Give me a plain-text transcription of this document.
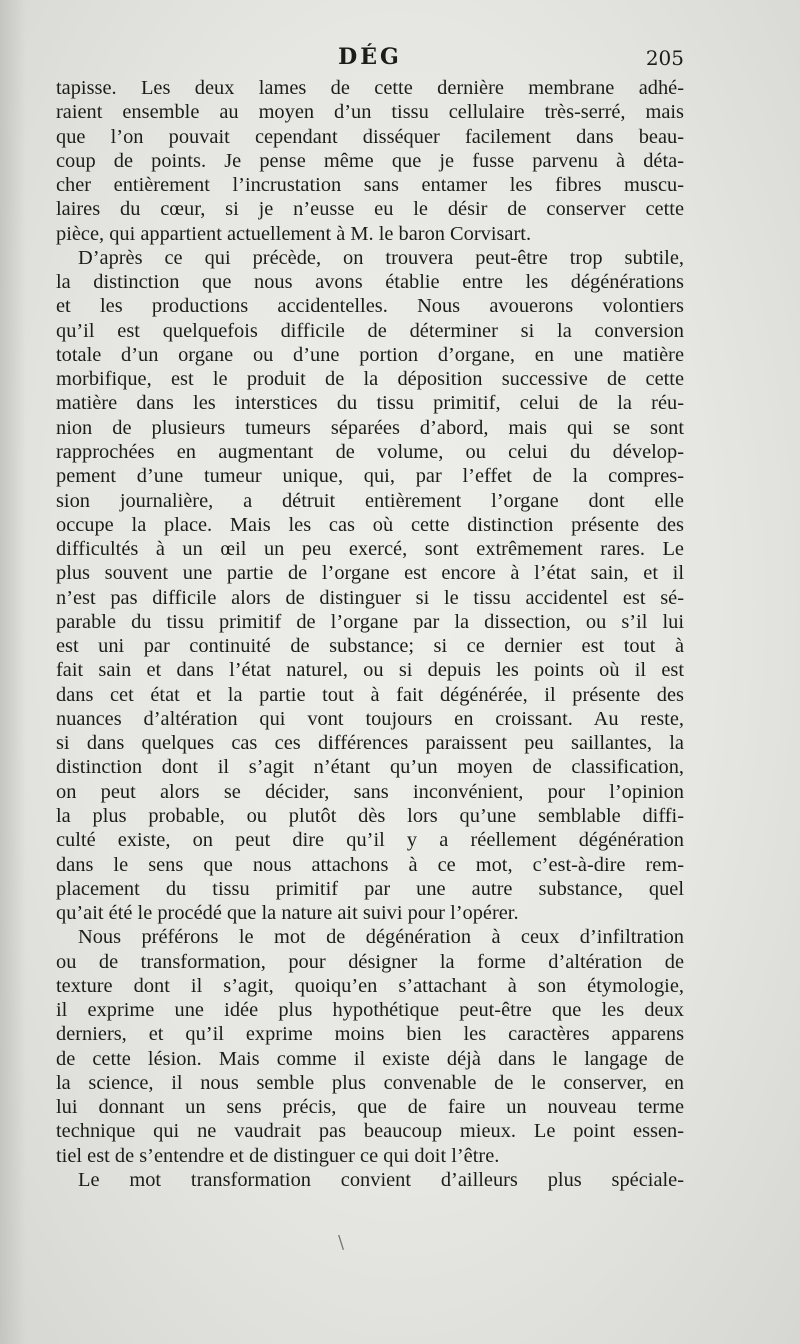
DÉG	205
tapisse. Les deux lames de cette dernière membrane adhé-
raient ensemble au moyen d’un tissu cellulaire très-serré, mais
que l’on pouvait cependant disséquer facilement dans beau-
coup de points. Je pense même que je fusse parvenu à déta-
cher entièrement l’incrustation sans entamer les fibres muscu-
laires du cœur, si je n’eusse eu le désir de conserver cette
pièce, qui appartient actuellement à M. le baron Corvisart.
D’après ce qui précède, on trouvera peut-être trop subtile,
la distinction que nous avons établie entre les dégénérations
et les productions accidentelles. Nous avouerons volontiers
qu’il est quelquefois difficile de déterminer si la conversion
totale d’un organe ou d’une portion d’organe, en une matière
morbifique, est le produit de la déposition successive de cette
matière dans les interstices du tissu primitif, celui de la réu-
nion de plusieurs tumeurs séparées d’abord, mais qui se sont
rapprochées en augmentant de volume, ou celui du dévelop-
pement d’une tumeur unique, qui, par l’effet de la compres-
sion journalière, a détruit entièrement l’organe dont elle
occupe la place. Mais les cas où cette distinction présente des
difficultés à un œil un peu exercé, sont extrêmement rares. Le
plus souvent une partie de l’organe est encore à l’état sain, et il
n’est pas difficile alors de distinguer si le tissu accidentel est sé-
parable du tissu primitif de l’organe par la dissection, ou s’il lui
est uni par continuité de substance; si ce dernier est tout à
fait sain et dans l’état naturel, ou si depuis les points où il est
dans cet état et la partie tout à fait dégénérée, il présente des
nuances d’altération qui vont toujours en croissant. Au reste,
si dans quelques cas ces différences paraissent peu saillantes, la
distinction dont il s’agit n’étant qu’un moyen de classification,
on peut alors se décider, sans inconvénient, pour l’opinion
la plus probable, ou plutôt dès lors qu’une semblable diffi-
culté existe, on peut dire qu’il y a réellement dégénération
dans le sens que nous attachons à ce mot, c’est-à-dire rem-
placement du tissu primitif par une autre substance, quel
qu’ait été le procédé que la nature ait suivi pour l’opérer.
Nous préférons le mot de dégénération à ceux d’infiltration
ou de transformation, pour désigner la forme d’altération de
texture dont il s’agit, quoiqu’en s’attachant à son étymologie,
il exprime une idée plus hypothétique peut-être que les deux
derniers, et qu’il exprime moins bien les caractères apparens
de cette lésion. Mais comme il existe déjà dans le langage de
la science, il nous semble plus convenable de le conserver, en
lui donnant un sens précis, que de faire un nouveau terme
technique qui ne vaudrait pas beaucoup mieux. Le point essen-
tiel est de s’entendre et de distinguer ce qui doit l’être.
Le mot transformation convient d’ailleurs plus spéciale-
\
